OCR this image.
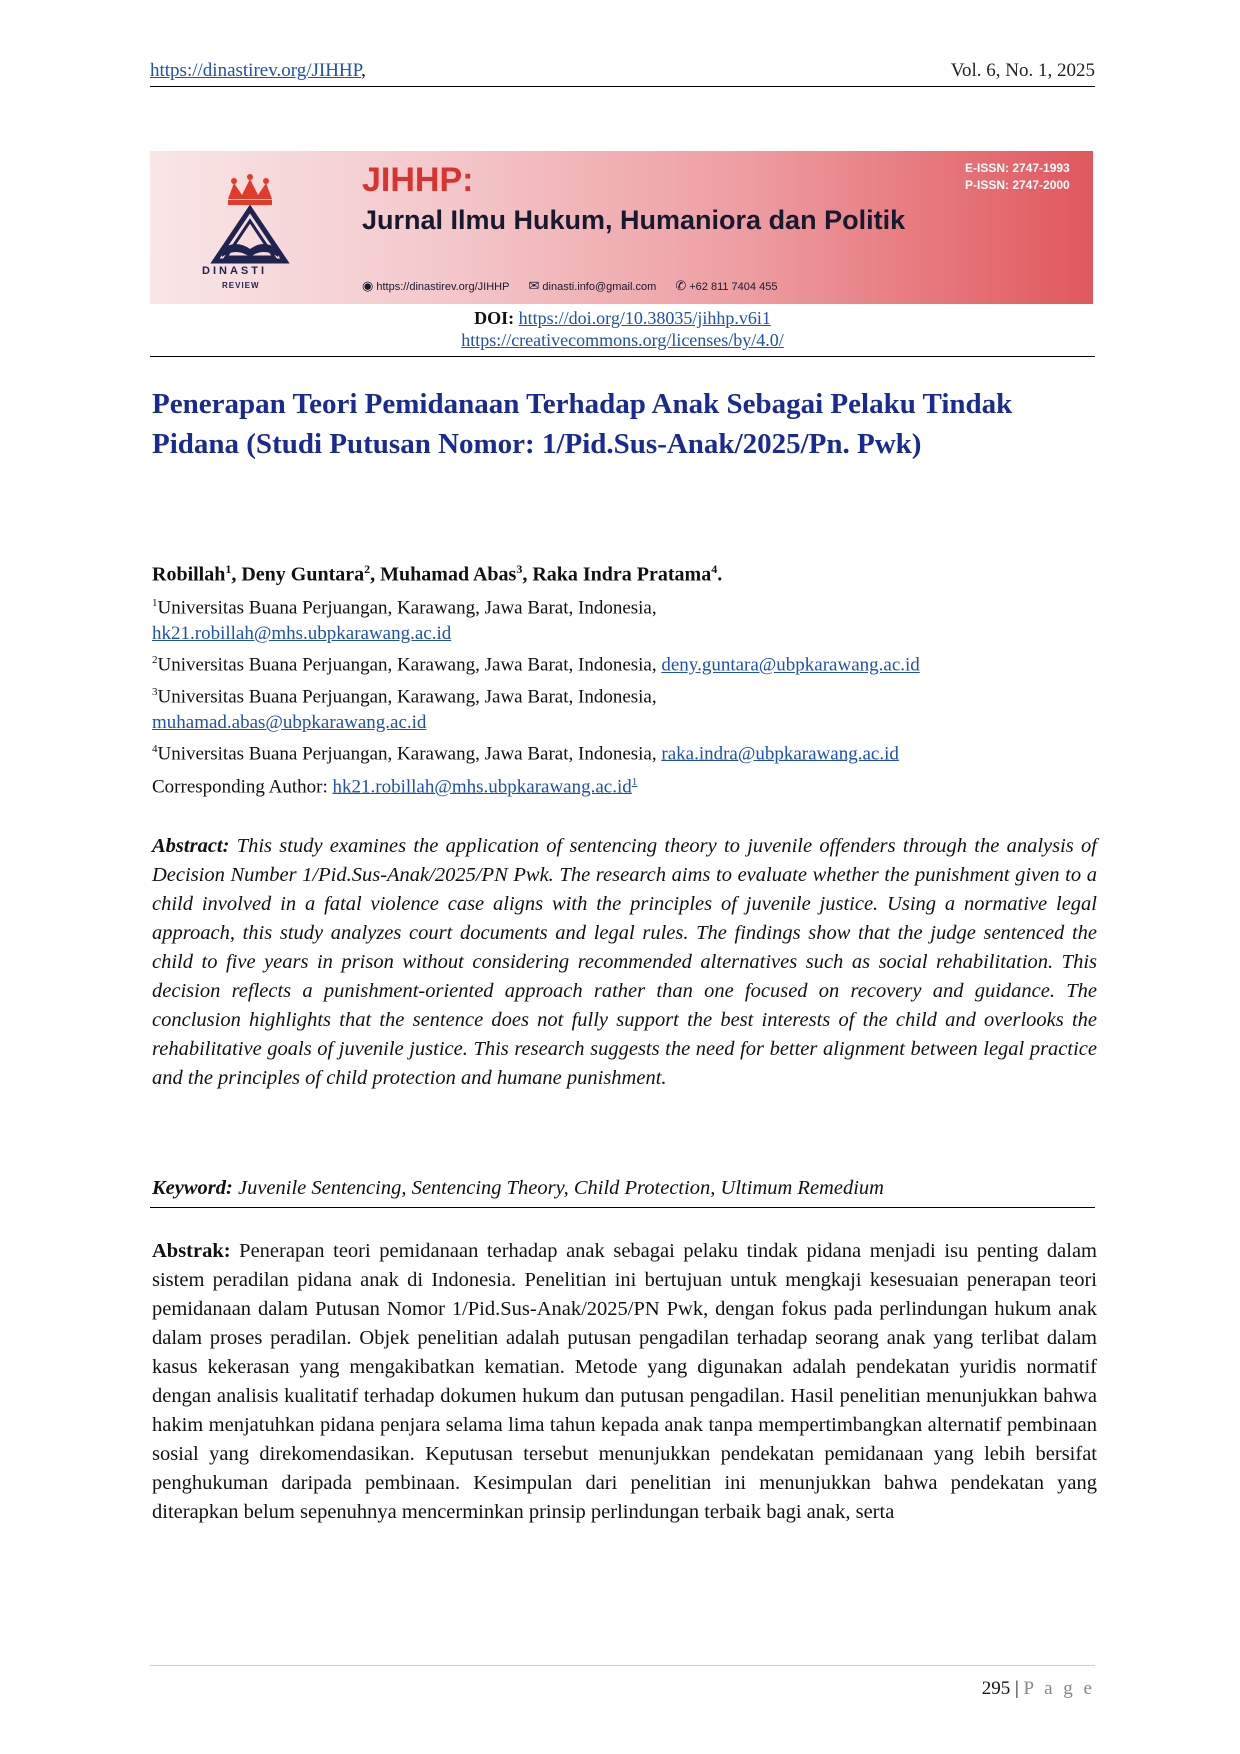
https://dinastirev.org/JIHHP,	Vol. 6, No. 1, 2025
DINASTI
REVIEW
JIHHP:
Jurnal Ilmu Hukum, Humaniora dan Politik
E-ISSN: 2747-1993
P-ISSN: 2747-2000
◉ https://dinastirev.org/JIHHP ✉ dinasti.info@gmail.com ✆ +62 811 7404 455
DOI: https://doi.org/10.38035/jihhp.v6i1
https://creativecommons.org/licenses/by/4.0/
Penerapan Teori Pemidanaan Terhadap Anak Sebagai Pelaku Tindak Pidana (Studi Putusan Nomor: 1/Pid.Sus-Anak/2025/Pn. Pwk)
Robillah$^1$, Deny Guntara$^2$, Muhamad Abas$^3$, Raka Indra Pratama$^4$.
$^1$Universitas Buana Perjuangan, Karawang, Jawa Barat, Indonesia,
hk21.robillah@mhs.ubpkarawang.ac.id
$^2$Universitas Buana Perjuangan, Karawang, Jawa Barat, Indonesia, deny.guntara@ubpkarawang.ac.id
$^3$Universitas Buana Perjuangan, Karawang, Jawa Barat, Indonesia,
muhamad.abas@ubpkarawang.ac.id
$^4$Universitas Buana Perjuangan, Karawang, Jawa Barat, Indonesia, raka.indra@ubpkarawang.ac.id
Corresponding Author: hk21.robillah@mhs.ubpkarawang.ac.id$^1$

Abstract: This study examines the application of sentencing theory to juvenile offenders through the analysis of Decision Number 1/Pid.Sus-Anak/2025/PN Pwk. The research aims to evaluate whether the punishment given to a child involved in a fatal violence case aligns with the principles of juvenile justice. Using a normative legal approach, this study analyzes court documents and legal rules. The findings show that the judge sentenced the child to five years in prison without considering recommended alternatives such as social rehabilitation. This decision reflects a punishment-oriented approach rather than one focused on recovery and guidance. The conclusion highlights that the sentence does not fully support the best interests of the child and overlooks the rehabilitative goals of juvenile justice. This research suggests the need for better alignment between legal practice and the principles of child protection and humane punishment.

Keyword: Juvenile Sentencing, Sentencing Theory, Child Protection, Ultimum Remedium

Abstrak: Penerapan teori pemidanaan terhadap anak sebagai pelaku tindak pidana menjadi isu penting dalam sistem peradilan pidana anak di Indonesia. Penelitian ini bertujuan untuk mengkaji kesesuaian penerapan teori pemidanaan dalam Putusan Nomor 1/Pid.Sus-Anak/2025/PN Pwk, dengan fokus pada perlindungan hukum anak dalam proses peradilan. Objek penelitian adalah putusan pengadilan terhadap seorang anak yang terlibat dalam kasus kekerasan yang mengakibatkan kematian. Metode yang digunakan adalah pendekatan yuridis normatif dengan analisis kualitatif terhadap dokumen hukum dan putusan pengadilan. Hasil penelitian menunjukkan bahwa hakim menjatuhkan pidana penjara selama lima tahun kepada anak tanpa mempertimbangkan alternatif pembinaan sosial yang direkomendasikan. Keputusan tersebut menunjukkan pendekatan pemidanaan yang lebih bersifat penghukuman daripada pembinaan. Kesimpulan dari penelitian ini menunjukkan bahwa pendekatan yang diterapkan belum sepenuhnya mencerminkan prinsip perlindungan terbaik bagi anak, serta

295 | P a g e
